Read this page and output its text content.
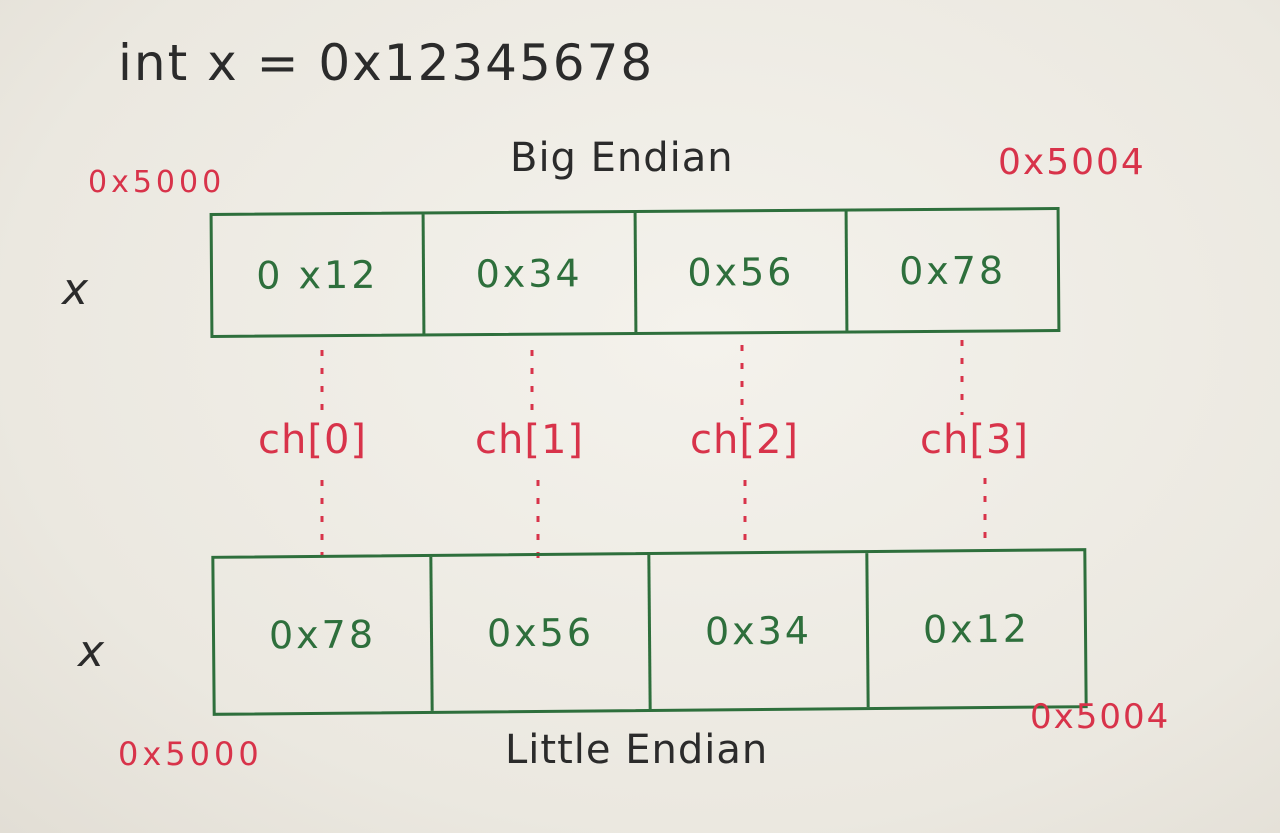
int x = 0x12345678
Big Endian
0x5000	0x5004
x	0 x12	0x34	0x56	0x78
ch[0]	ch[1]	ch[2]	ch[3]
x	0x78	0x56	0x34	0x12
0x5000
0x5004
Little Endian
